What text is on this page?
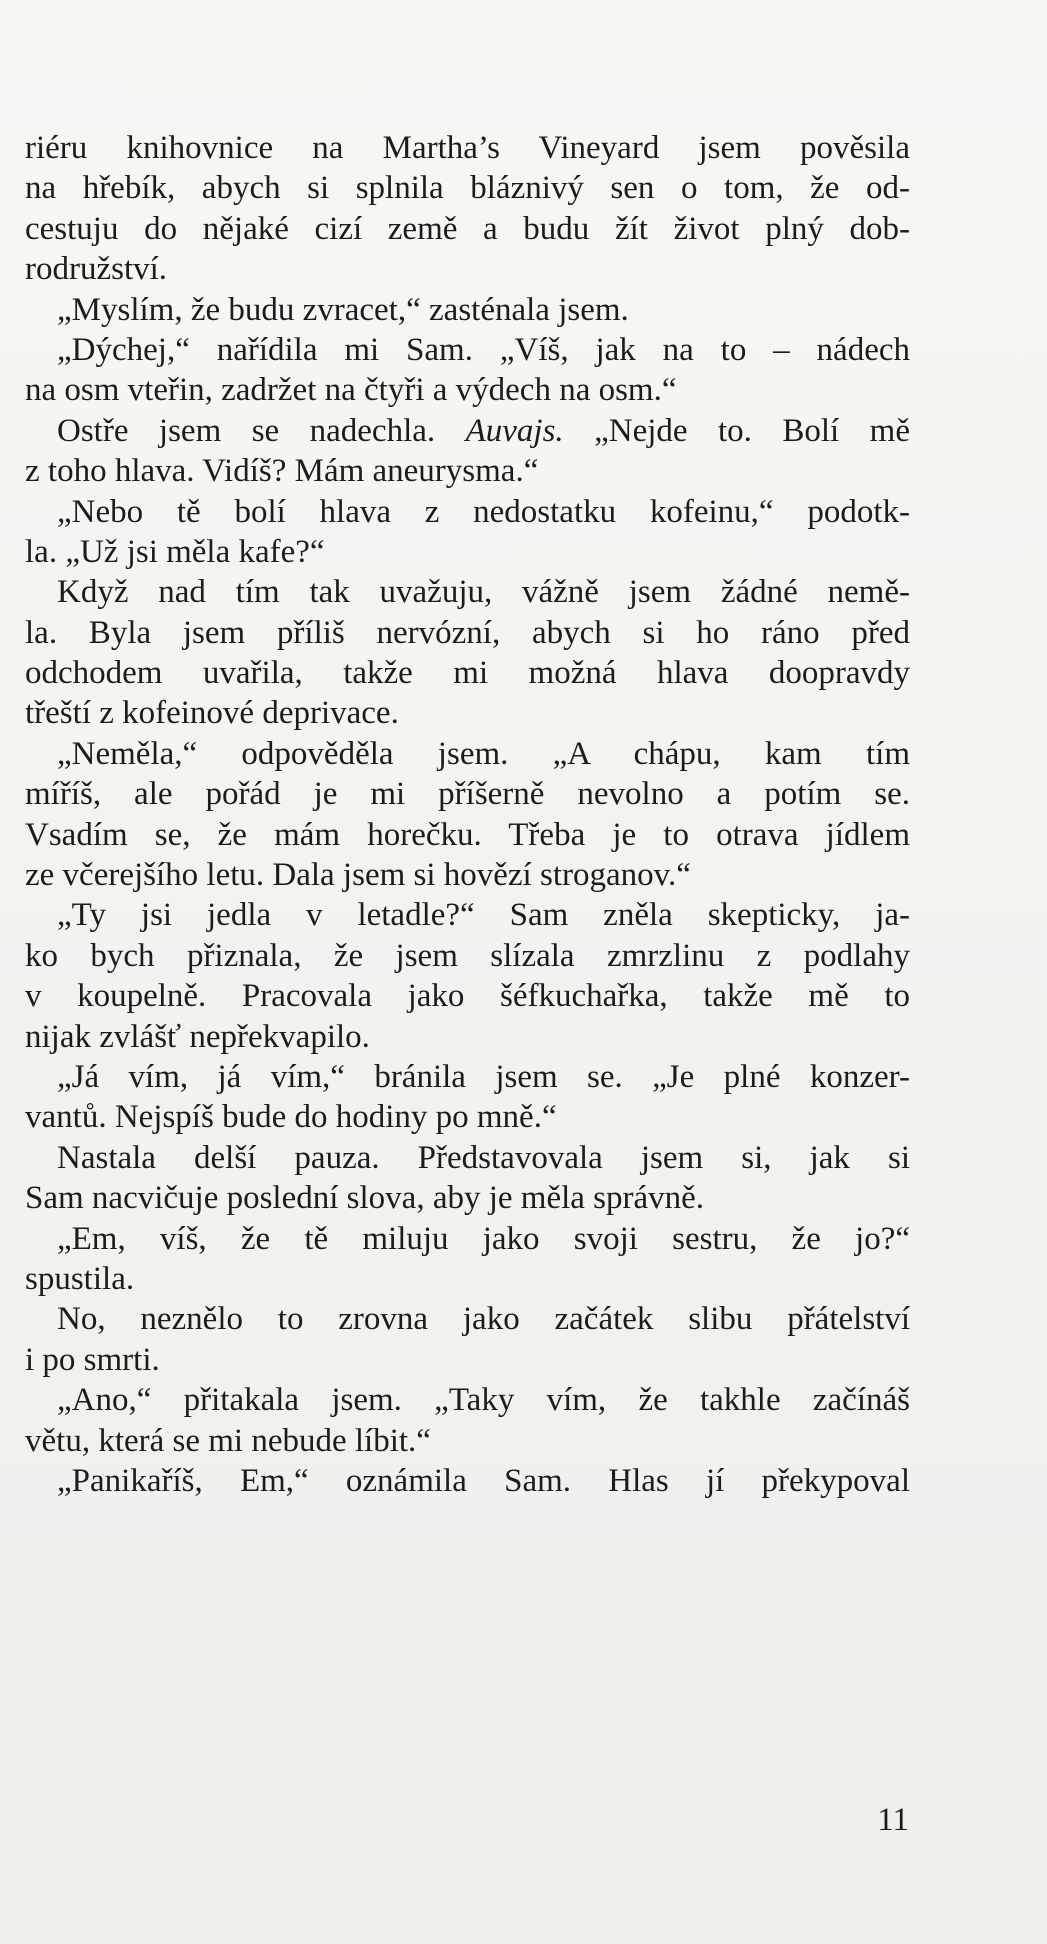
riéru knihovnice na Martha’s Vineyard jsem pověsila
na hřebík, abych si splnila bláznivý sen o tom, že od-
cestuju do nějaké cizí země a budu žít život plný dob-
rodružství.
„Myslím, že budu zvracet,“ zasténala jsem.
„Dýchej,“ nařídila mi Sam. „Víš, jak na to – nádech
na osm vteřin, zadržet na čtyři a výdech na osm.“
Ostře jsem se nadechla. Auvajs. „Nejde to. Bolí mě
z toho hlava. Vidíš? Mám aneurysma.“
„Nebo tě bolí hlava z nedostatku kofeinu,“ podotk-
la. „Už jsi měla kafe?“
Když nad tím tak uvažuju, vážně jsem žádné nemě-
la. Byla jsem příliš nervózní, abych si ho ráno před
odchodem uvařila, takže mi možná hlava doopravdy
třeští z kofeinové deprivace.
„Neměla,“ odpověděla jsem. „A chápu, kam tím
míříš, ale pořád je mi příšerně nevolno a potím se.
Vsadím se, že mám horečku. Třeba je to otrava jídlem
ze včerejšího letu. Dala jsem si hovězí stroganov.“
„Ty jsi jedla v letadle?“ Sam zněla skepticky, ja-
ko bych přiznala, že jsem slízala zmrzlinu z podlahy
v koupelně. Pracovala jako šéfkuchařka, takže mě to
nijak zvlášť nepřekvapilo.
„Já vím, já vím,“ bránila jsem se. „Je plné konzer-
vantů. Nejspíš bude do hodiny po mně.“
Nastala delší pauza. Představovala jsem si, jak si
Sam nacvičuje poslední slova, aby je měla správně.
„Em, víš, že tě miluju jako svoji sestru, že jo?“
spustila.
No, neznělo to zrovna jako začátek slibu přátelství
i po smrti.
„Ano,“ přitakala jsem. „Taky vím, že takhle začínáš
větu, která se mi nebude líbit.“
„Panikaříš, Em,“ oznámila Sam. Hlas jí překypoval
11
